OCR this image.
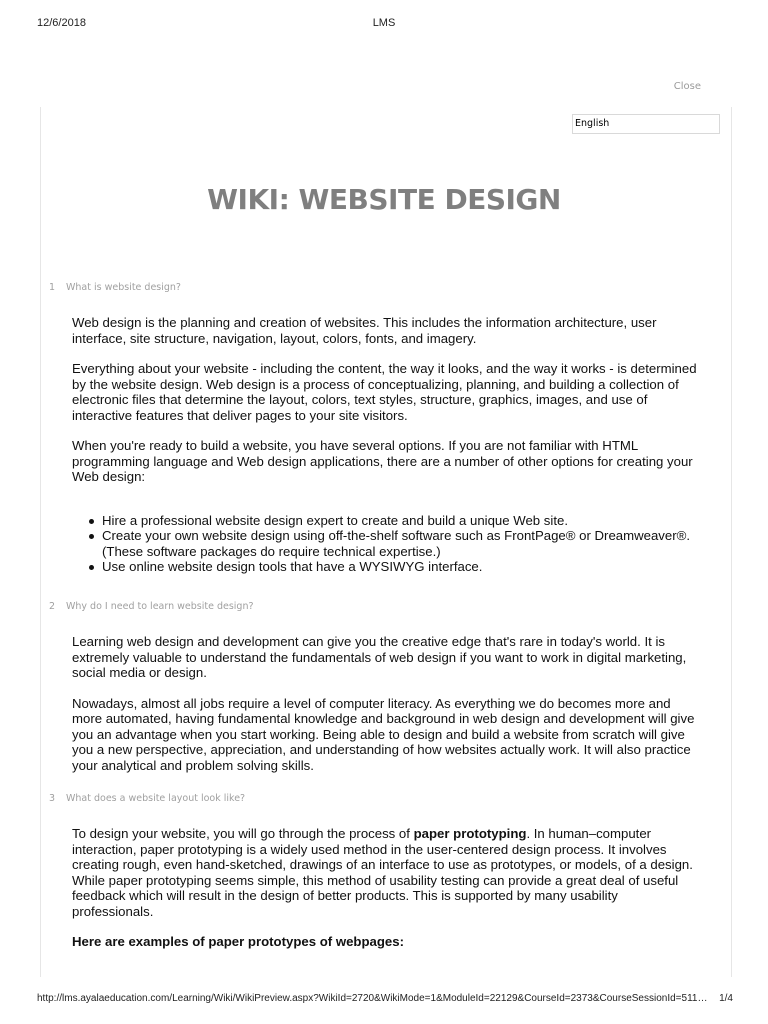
12/6/2018	LMS
Close
English
WIKI: WEBSITE DESIGN
1 What is website design?

Web design is the planning and creation of websites. This includes the information architecture, user interface, site structure, navigation, layout, colors, fonts, and imagery.

Everything about your website - including the content, the way it looks, and the way it works - is determined by the website design. Web design is a process of conceptualizing, planning, and building a collection of electronic files that determine the layout, colors, text styles, structure, graphics, images, and use of interactive features that deliver pages to your site visitors.

When you're ready to build a website, you have several options. If you are not familiar with HTML programming language and Web design applications, there are a number of other options for creating your Web design:

Hire a professional website design expert to create and build a unique Web site.
Create your own website design using off-the-shelf software such as FrontPage® or Dreamweaver®. (These software packages do require technical expertise.)
Use online website design tools that have a WYSIWYG interface.
2 Why do I need to learn website design?

Learning web design and development can give you the creative edge that's rare in today's world. It is extremely valuable to understand the fundamentals of web design if you want to work in digital marketing, social media or design.

Nowadays, almost all jobs require a level of computer literacy. As everything we do becomes more and more automated, having fundamental knowledge and background in web design and development will give you an advantage when you start working. Being able to design and build a website from scratch will give you a new perspective, appreciation, and understanding of how websites actually work. It will also practice your analytical and problem solving skills.

3 What does a website layout look like?

To design your website, you will go through the process of paper prototyping. In human–computer interaction, paper prototyping is a widely used method in the user-centered design process. It involves creating rough, even hand-sketched, drawings of an interface to use as prototypes, or models, of a design. While paper prototyping seems simple, this method of usability testing can provide a great deal of useful feedback which will result in the design of better products. This is supported by many usability professionals.

Here are examples of paper prototypes of webpages:

http://lms.ayalaeducation.com/Learning/Wiki/WikiPreview.aspx?WikiId=2720&WikiMode=1&ModuleId=22129&CourseId=2373&CourseSessionId=511… 1/4
